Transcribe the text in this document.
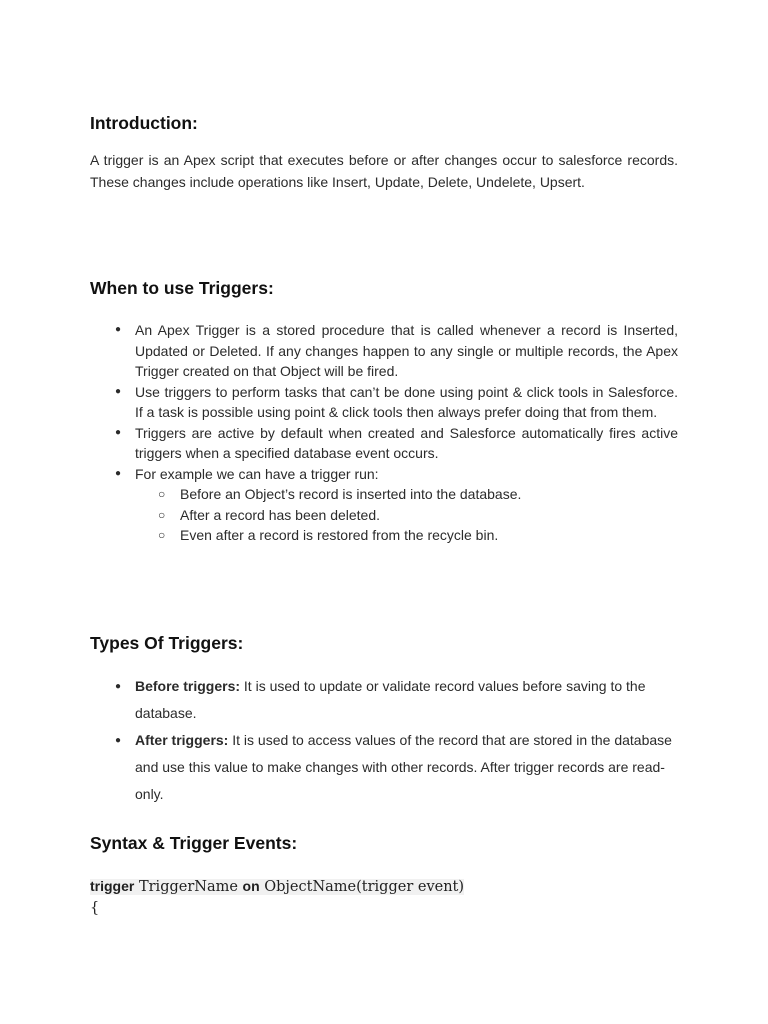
Introduction:

A trigger is an Apex script that executes before or after changes occur to salesforce records. These changes include operations like Insert, Update, Delete, Undelete, Upsert.

When to use Triggers:
● An Apex Trigger is a stored procedure that is called whenever a record is Inserted, Updated or Deleted. If any changes happen to any single or multiple records, the Apex Trigger created on that Object will be fired.
● Use triggers to perform tasks that can’t be done using point & click tools in Salesforce. If a task is possible using point & click tools then always prefer doing that from them.
● Triggers are active by default when created and Salesforce automatically fires active triggers when a specified database event occurs.
● For example we can have a trigger run:
○ Before an Object’s record is inserted into the database.
○ After a record has been deleted.
○ Even after a record is restored from the recycle bin.
Types Of Triggers:
● Before triggers: It is used to update or validate record values before saving to the database.
● After triggers: It is used to access values of the record that are stored in the database and use this value to make changes with other records. After trigger records are read-only.
Syntax & Trigger Events:
trigger TriggerName on ObjectName(trigger event)
{
